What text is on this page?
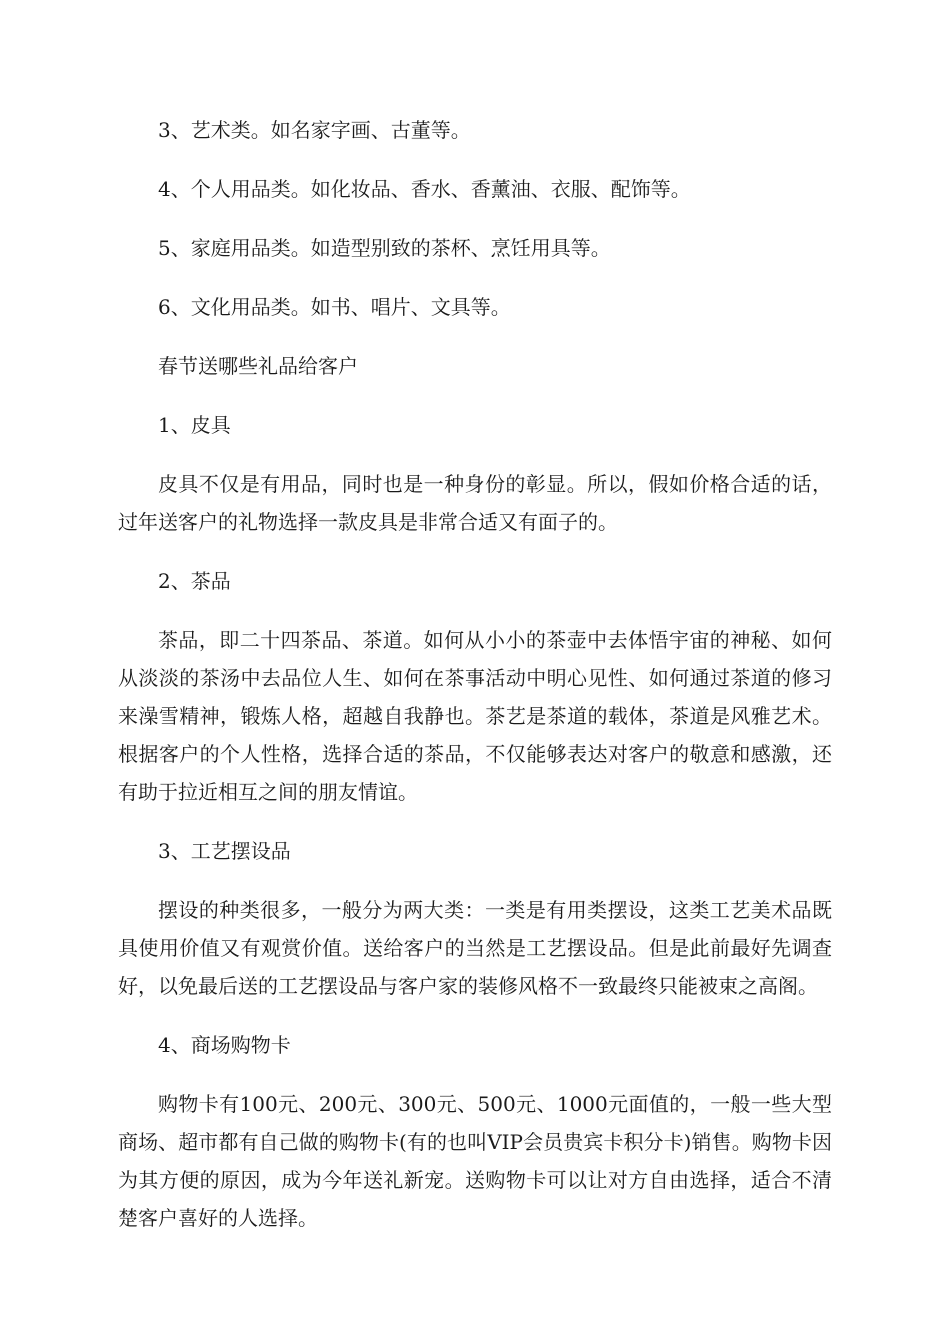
3、艺术类。如名家字画、古董等。

4、个人用品类。如化妆品、香水、香薰油、衣服、配饰等。

5、家庭用品类。如造型别致的茶杯、烹饪用具等。

6、文化用品类。如书、唱片、文具等。

春节送哪些礼品给客户

1、皮具

皮具不仅是有用品，同时也是一种身份的彰显。所以，假如价格合适的话，过年送客户的礼物选择一款皮具是非常合适又有面子的。

2、茶品

茶品，即二十四茶品、茶道。如何从小小的茶壶中去体悟宇宙的神秘、如何从淡淡的茶汤中去品位人生、如何在茶事活动中明心见性、如何通过茶道的修习来澡雪精神，锻炼人格，超越自我静也。茶艺是茶道的载体，茶道是风雅艺术。根据客户的个人性格，选择合适的茶品，不仅能够表达对客户的敬意和感激，还有助于拉近相互之间的朋友情谊。

3、工艺摆设品

摆设的种类很多，一般分为两大类：一类是有用类摆设，这类工艺美术品既具使用价值又有观赏价值。送给客户的当然是工艺摆设品。但是此前最好先调查好，以免最后送的工艺摆设品与客户家的装修风格不一致最终只能被束之高阁。

4、商场购物卡

购物卡有100元、200元、300元、500元、1000元面值的，一般一些大型商场、超市都有自己做的购物卡(有的也叫VIP会员贵宾卡积分卡)销售。购物卡因为其方便的原因，成为今年送礼新宠。送购物卡可以让对方自由选择，适合不清楚客户喜好的人选择。
